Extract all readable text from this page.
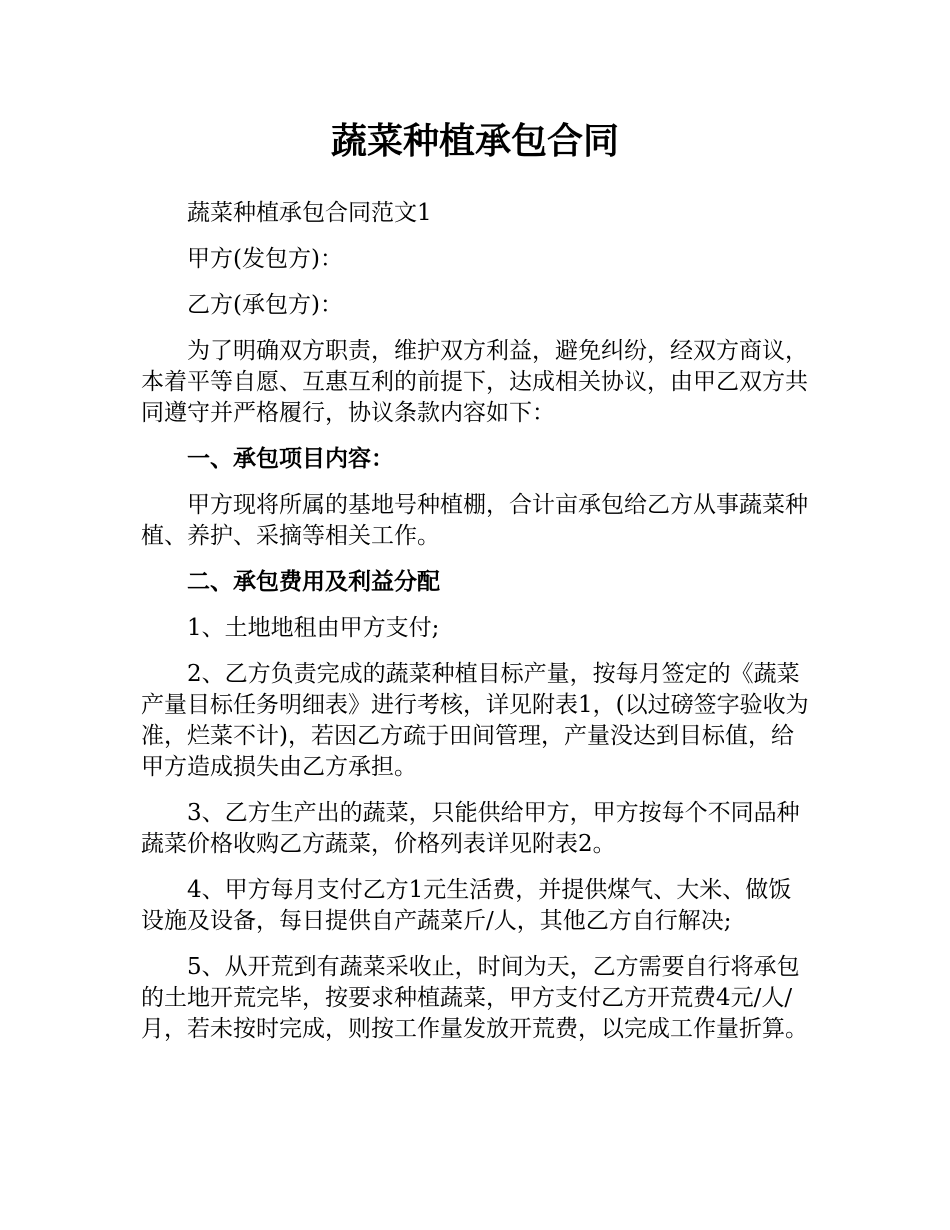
蔬菜种植承包合同

蔬菜种植承包合同范文1

甲方(发包方)：

乙方(承包方)：

为了明确双方职责，维护双方利益，避免纠纷，经双方商议，本着平等自愿、互惠互利的前提下，达成相关协议，由甲乙双方共同遵守并严格履行，协议条款内容如下：

一、承包项目内容：

甲方现将所属的基地号种植棚，合计亩承包给乙方从事蔬菜种植、养护、采摘等相关工作。

二、承包费用及利益分配

1、土地地租由甲方支付;

2、乙方负责完成的蔬菜种植目标产量，按每月签定的《蔬菜产量目标任务明细表》进行考核，详见附表1，(以过磅签字验收为准，烂菜不计)，若因乙方疏于田间管理，产量没达到目标值，给甲方造成损失由乙方承担。

3、乙方生产出的蔬菜，只能供给甲方，甲方按每个不同品种蔬菜价格收购乙方蔬菜，价格列表详见附表2。

4、甲方每月支付乙方1元生活费，并提供煤气、大米、做饭设施及设备，每日提供自产蔬菜斤/人，其他乙方自行解决;

5、从开荒到有蔬菜采收止，时间为天，乙方需要自行将承包的土地开荒完毕，按要求种植蔬菜，甲方支付乙方开荒费4元/人/月，若未按时完成，则按工作量发放开荒费，以完成工作量折算。
